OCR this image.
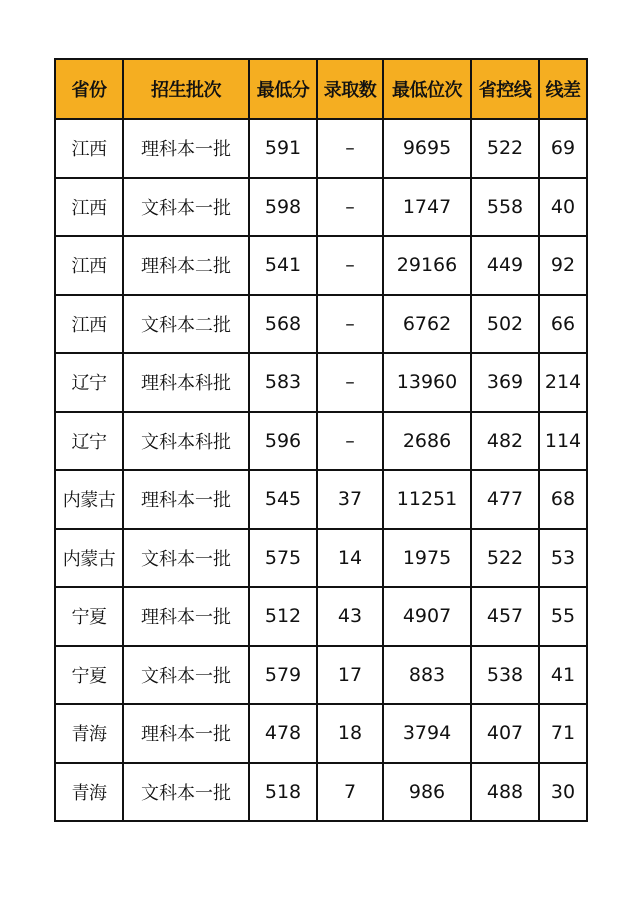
省份	招生批次	最低分	录取数	最低位次	省控线	线差
江西	理科本一批	591	–	9695	522	69
江西	文科本一批	598	–	1747	558	40
江西	理科本二批	541	–	29166	449	92
江西	文科本二批	568	–	6762	502	66
辽宁	理科本科批	583	–	13960	369	214
辽宁	文科本科批	596	–	2686	482	114
内蒙古	理科本一批	545	37	11251	477	68
内蒙古	文科本一批	575	14	1975	522	53
宁夏	理科本一批	512	43	4907	457	55
宁夏	文科本一批	579	17	883	538	41
青海	理科本一批	478	18	3794	407	71
青海	文科本一批	518	7	986	488	30
